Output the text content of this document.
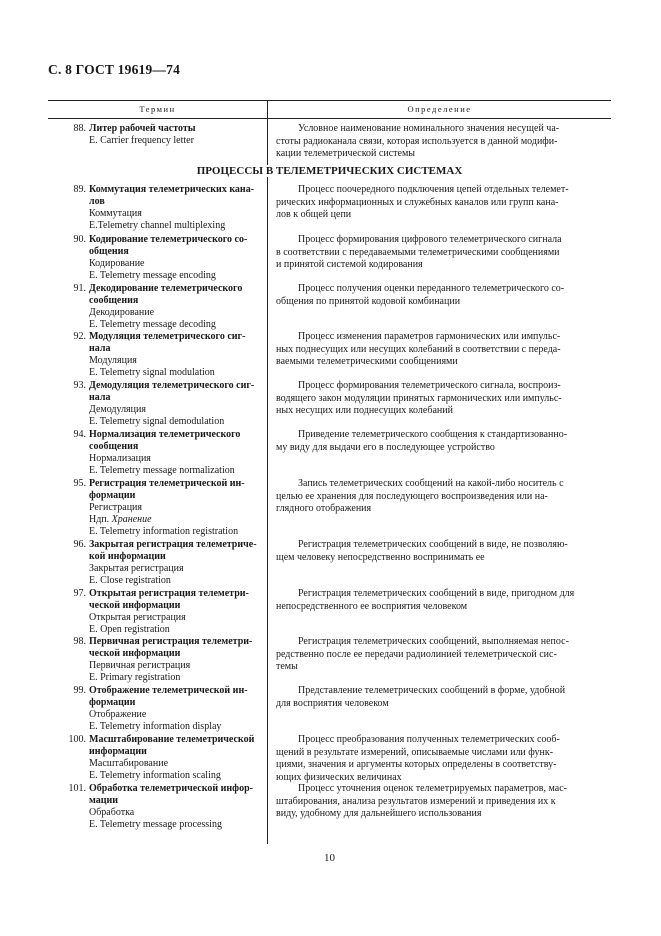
С. 8 ГОСТ 19619—74
Термин	Определение
ПРОЦЕССЫ В ТЕЛЕМЕТРИЧЕСКИХ СИСТЕМАХ
88. Литер рабочей частоты
E. Carrier frequency letter
Условное наименование номинального значения несущей ча-
стоты радиоканала связи, которая используется в данной модифи-
кации телеметрической системы
89. Коммутация телеметрических кана-
лов
Коммутация
E.Telemetry channel multiplexing
Процесс поочередного подключения цепей отдельных телемет-
рических информационных и служебных каналов или групп кана-
лов к общей цепи
90. Кодирование телеметрического со-
общения
Кодирование
E. Telemetry message encoding
Процесс формирования цифрового телеметрического сигнала
в соответствии с передаваемыми телеметрическими сообщениями
и принятой системой кодирования
91. Декодирование телеметрического
сообщения
Декодирование
E. Telemetry message decoding
Процесс получения оценки переданного телеметрического со-
общения по принятой кодовой комбинации
92. Модуляция телеметрического сиг-
нала
Модуляция
E. Telemetry signal modulation
Процесс изменения параметров гармонических или импульс-
ных поднесущих или несущих колебаний в соответствии с переда-
ваемыми телеметрическими сообщениями
93. Демодуляция телеметрического сиг-
нала
Демодуляция
E. Telemetry signal demodulation
Процесс формирования телеметрического сигнала, воспроиз-
водящего закон модуляции принятых гармонических или импульс-
ных несущих или поднесущих колебаний
94. Нормализация телеметрического
сообщения
Нормализация
E. Telemetry message normalization
Приведение телеметрического сообщения к стандартизованно-
му виду для выдачи его в последующее устройство
95. Регистрация телеметрической ин-
формации
Регистрация
Ндп. Хранение
E. Telemetry information registration
Запись телеметрических сообщений на какой-либо носитель с
целью ее хранения для последующего воспроизведения или на-
глядного отображения
96. Закрытая регистрация телеметриче-
кой информации
Закрытая регистрация
E. Close registration
Регистрация телеметрических сообщений в виде, не позволяю-
щем человеку непосредственно воспринимать ее
97. Открытая регистрация телеметри-
ческой информации
Открытая регистрация
E. Open registration
Регистрация телеметрических сообщений в виде, пригодном для
непосредственного ее восприятия человеком
98. Первичная регистрация телеметри-
ческой информации
Первичная регистрация
E. Primary registration
Регистрация телеметрических сообщений, выполняемая непос-
редственно после ее передачи радиолинией телеметрической сис-
темы
99. Отображение телеметрической ин-
формации
Отображение
E. Telemetry information display
Представление телеметрических сообщений в форме, удобной
для восприятия человеком
100. Масштабирование телеметрической
информации
Масштабирование
E. Telemetry information scaling
Процесс преобразования полученных телеметрических сооб-
щений в результате измерений, описываемые числами или функ-
циями, значения и аргументы которых определены в соответству-
ющих физических величинах
101. Обработка телеметрической инфор-
мации
Обработка
E. Telemetry message processing
Процесс уточнения оценок телеметрируемых параметров, мас-
штабирования, анализа результатов измерений и приведения их к
виду, удобному для дальнейшего использования
10
